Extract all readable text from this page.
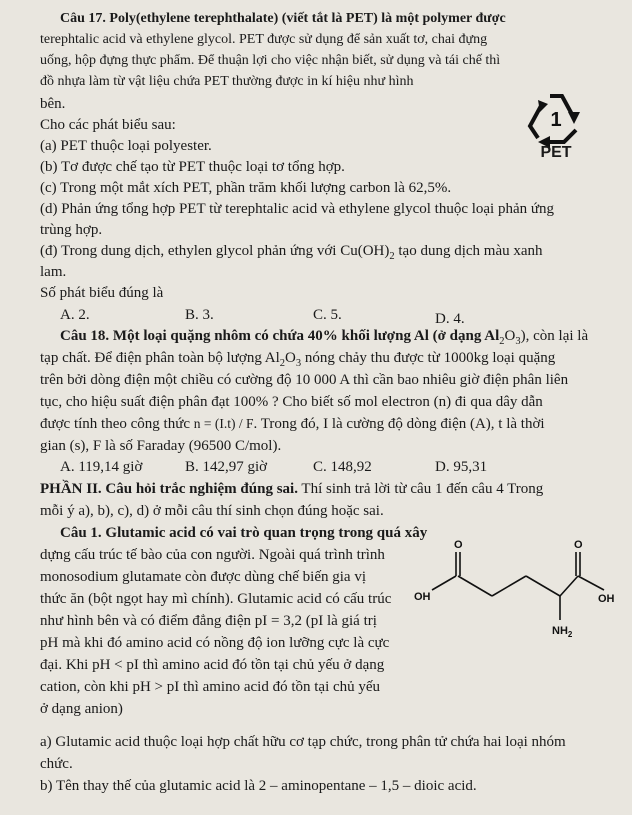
Câu 17. Poly(ethylene terephthalate) (viết tắt là PET) là một polymer được
terephtalic acid và ethylene glycol. PET được sử dụng để sản xuất tơ, chai đựng
uống, hộp đựng thực phẩm. Để thuận lợi cho việc nhận biết, sử dụng và tái chế thì
đồ nhựa làm từ vật liệu chứa PET thường được in kí hiệu như hình
bên.
Cho các phát biểu sau:
(a) PET thuộc loại polyester.
(b) Tơ được chế tạo từ PET thuộc loại tơ tổng hợp.
(c) Trong một mắt xích PET, phần trăm khối lượng carbon là 62,5%.
(d) Phản ứng tổng hợp PET từ terephtalic acid và ethylene glycol thuộc loại phản ứng
trùng hợp.
(đ) Trong dung dịch, ethylen glycol phản ứng với $Cu(OH)_2$ tạo dung dịch màu xanh
lam.
Số phát biểu đúng là
A. 2.	B. 3.	C. 5.	D. 4.
1
PET
Câu 18. Một loại quặng nhôm có chứa 40% khối lượng Al (ở dạng $Al_2O_3$), còn lại là
tạp chất. Để điện phân toàn bộ lượng $Al_2O_3$ nóng chảy thu được từ 1000kg loại quặng
trên bởi dòng điện một chiều có cường độ 10 000 A thì cần bao nhiêu giờ điện phân liên
tục, cho hiệu suất điện phân đạt 100% ? Cho biết số mol electron (n) đi qua dây dẫn
được tính theo công thức n = (I.t) / F. Trong đó, I là cường độ dòng điện (A), t là thời
gian (s), F là số Faraday (96500 C/mol).
A. 119,14 giờ	B. 142,97 giờ	C. 148,92	D. 95,31
PHẦN II. Câu hỏi trắc nghiệm đúng sai. Thí sinh trả lời từ câu 1 đến câu 4 Trong
mỗi ý a), b), c), d) ở mỗi câu thí sinh chọn đúng hoặc sai.
Câu 1. Glutamic acid có vai trò quan trọng trong quá xây
dựng cấu trúc tế bào của con người. Ngoài quá trình trình
monosodium glutamate còn được dùng chế biến gia vị
thức ăn (bột ngọt hay mì chính). Glutamic acid có cấu trúc
như hình bên và có điểm đẳng điện pI = 3,2 (pI là giá trị
pH mà khi đó amino acid có nồng độ ion lưỡng cực là cực
đại. Khi pH < pI thì amino acid đó tồn tại chủ yếu ở dạng
cation, còn khi pH > pI thì amino acid đó tồn tại chủ yếu
ở dạng anion)
O	O
OH	OH
$NH_2$
a) Glutamic acid thuộc loại hợp chất hữu cơ tạp chức, trong phân tử chứa hai loại nhóm
chức.
b) Tên thay thế của glutamic acid là 2 – aminopentane – 1,5 – dioic acid.
